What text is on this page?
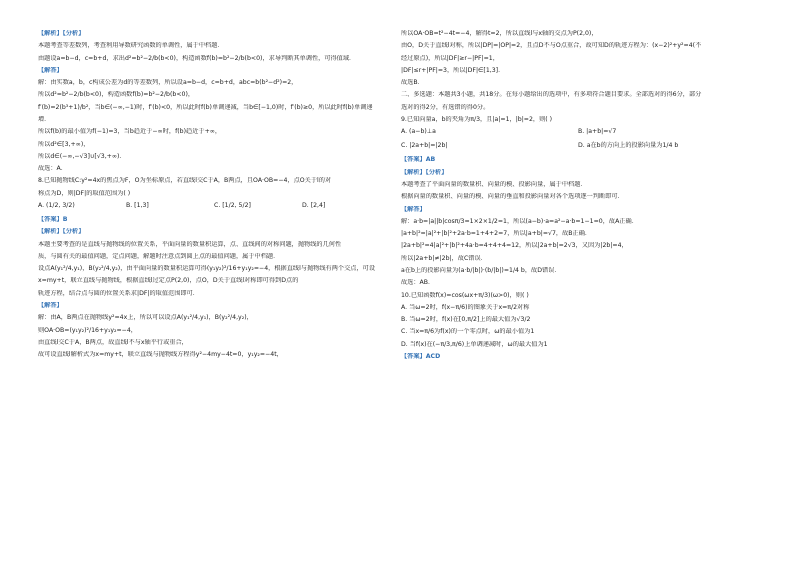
【解析】【分析】
本题考查等差数列，考查利用导数研究函数的单调性，属于中档题．
由题设a=b−d，c=b+d，求出d²=b²−2/b(b<0)，构造函数f(b)=b²−2/b(b<0)，求导判断其单调性，可得值域．
【解答】
解：由实数a，b，c构成公差为d的等差数列，所以设a=b−d，c=b+d，abc=b(b²−d²)=2，
所以d²=b²−2/b(b<0)，构造函数f(b)=b²−2/b(b<0)，
f′(b)=2(b³+1)/b²，当b∈(−∞,−1)时，f′(b)<0，所以此时f(b)单调递减，当b∈[−1,0)时，f′(b)≥0，所以此时f(b)单调递
增．
所以f(b)的最小值为f(−1)=3，当b趋近于−∞时，f(b)趋近于+∞，
所以d²∈[3,+∞)，
所以d∈(−∞,−√3]∪[√3,+∞)．
故选：A．
8.已知抛物线C:y²=4x的焦点为F，O为坐标原点，若直线l交C于A，B两点，且OA·OB=−4，点O关于l的对
称点为D，则|DF|的取值范围为( )
A. (1/2, 3/2)	B. [1,3]	C. [1/2, 5/2]	D. [2,4]
【答案】B
【解析】【分析】
本题主要考查的是直线与抛物线的位置关系，平面向量的数量积运算，点、直线间的对称问题，抛物线的几何性
质，与圆有关的最值问题，定点问题，解题时注意点到圆上点的最值问题，属于中档题．
设点A(y₁²/4,y₁)，B(y₂²/4,y₂)，由平面向量的数量积运算可得(y₁y₂)²/16+y₁y₂=−4，根据直线l与抛物线有两个交点，可设
x=my+t，联立直线与抛物线，根据直线l过定点P(2,0)，点O，D关于直线l对称即可得到D点的
轨迹方程，结合点与圆的位置关系求|DF|的取值范围即可．
【解答】
解：由A，B两点在抛物线y²=4x上，所以可以设点A(y₁²/4,y₁)，B(y₂²/4,y₂)，
则OA·OB=(y₁y₂)²/16+y₁y₂=−4，
由直线l交C于A，B两点，故直线l不与x轴平行或重合，
故可设直线l解析式为x=my+t，联立直线与抛物线方程得y²−4my−4t=0，y₁y₂=−4t，
所以OA·OB=t²−4t=−4，解得t=2，所以直线l与x轴的交点为P(2,0)，
由O，D关于直线l对称，所以|DP|=|OP|=2，且点D不与O点重合，故可知D的轨迹方程为：(x−2)²+y²=4(不
经过原点)，所以|DF|≥r−|PF|=1，
|DF|≤r+|PF|=3，所以|DF|∈[1,3]．
故选B．
二、多选题：本题共3小题，共18分。在每小题给出的选项中，有多项符合题目要求。全部选对的得6分，部分
选对的得2分，有选错的得0分。
9.已知向量a，b的夹角为π/3，且|a|=1，|b|=2，则( )
A. (a−b)⊥a	B. |a+b|=√7
C. |2a+b|=|2b|	D. a在b的方向上的投影向量为1/4 b
【答案】AB
【解析】【分析】
本题考查了平面向量的数量积、向量的模、投影向量，属于中档题．
根据向量的数量积、向量的模、向量的垂直和投影向量对各个选项逐一判断即可．
【解答】
解：a·b=|a||b|cosπ/3=1×2×1/2=1，所以(a−b)·a=a²−a·b=1−1=0，故A正确．
|a+b|²=|a|²+|b|²+2a·b=1+4+2=7，所以|a+b|=√7，故B正确．
|2a+b|²=4|a|²+|b|²+4a·b=4+4+4=12，所以|2a+b|=2√3，又因为|2b|=4，
所以|2a+b|≠|2b|，故C错误．
a在b上的投影向量为(a·b/|b|)·(b/|b|)=1/4 b，故D错误．
故选：AB．
10.已知函数f(x)=cos(ωx+π/3)(ω>0)，则( )
A. 当ω=2时，f(x−π/6)的图象关于x=π/2对称
B. 当ω=2时，f(x)在[0,π/2]上的最大值为√3/2
C. 当x=π/6为f(x)的一个零点时，ω的最小值为1
D. 当f(x)在(−π/3,π/6)上单调递减时，ω的最大值为1
【答案】ACD
